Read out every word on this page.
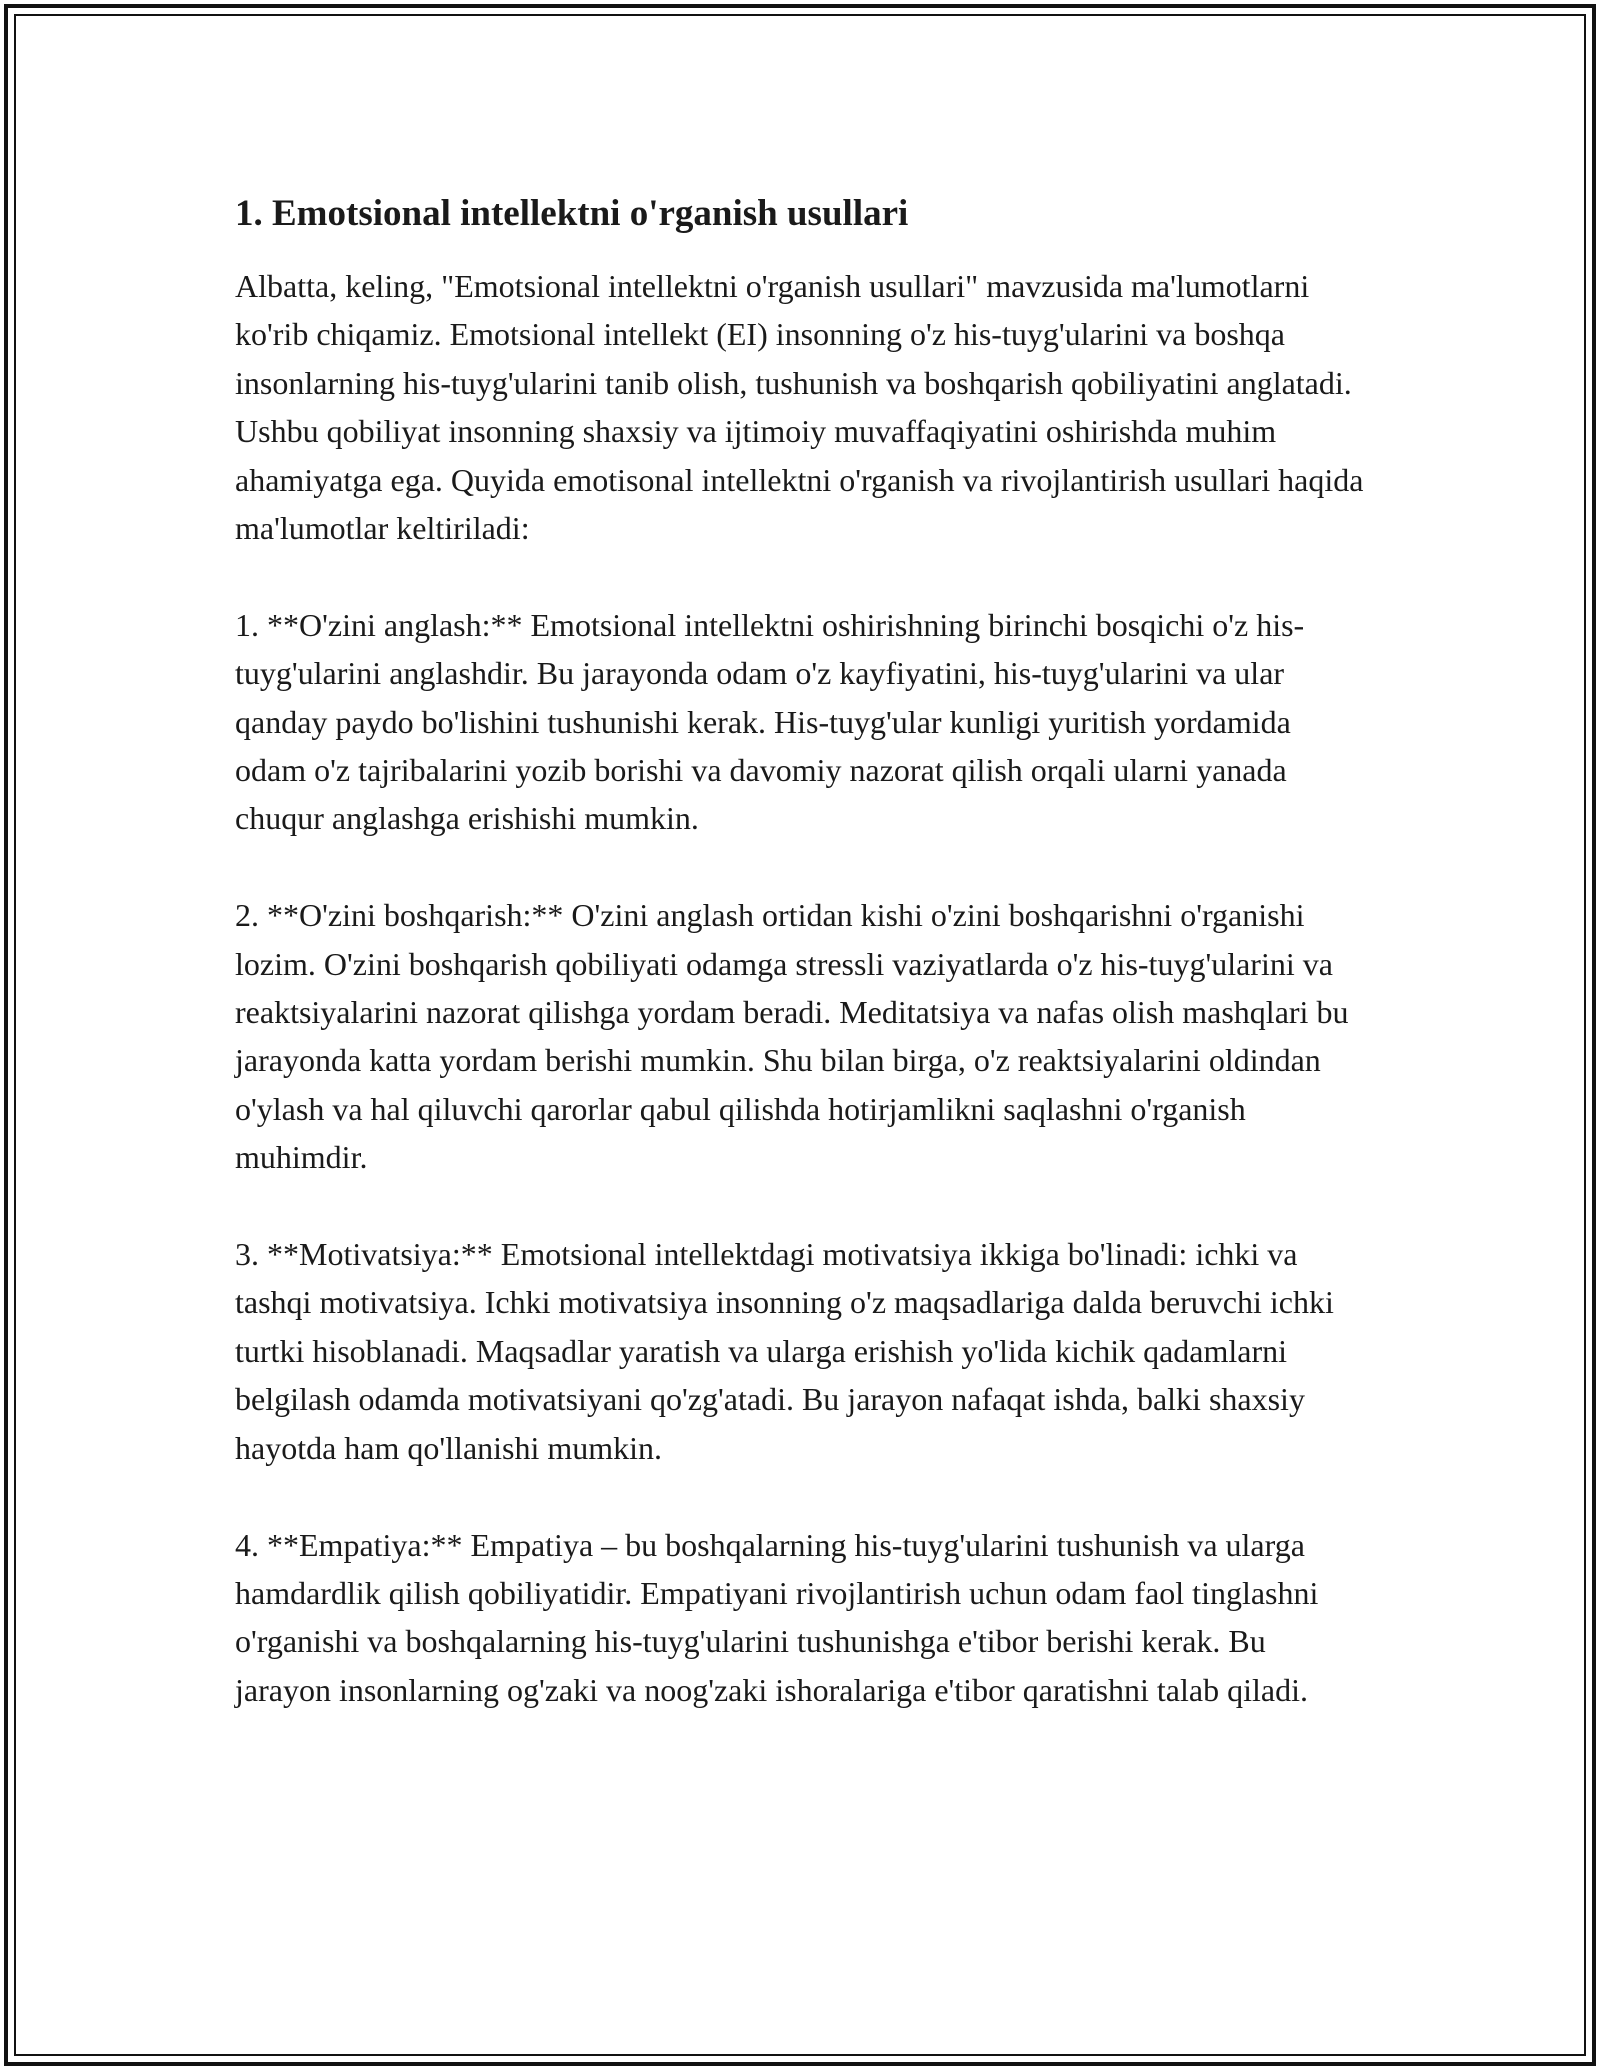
1. Emotsional intellektni o'rganish usullari

Albatta, keling, "Emotsional intellektni o'rganish usullari" mavzusida ma'lumotlarni ko'rib chiqamiz. Emotsional intellekt (EI) insonning o'z his-tuyg'ularini va boshqa insonlarning his-tuyg'ularini tanib olish, tushunish va boshqarish qobiliyatini anglatadi. Ushbu qobiliyat insonning shaxsiy va ijtimoiy muvaffaqiyatini oshirishda muhim ahamiyatga ega. Quyida emotisonal intellektni o'rganish va rivojlantirish usullari haqida ma'lumotlar keltiriladi:

1. **O'zini anglash:** Emotsional intellektni oshirishning birinchi bosqichi o'z his-tuyg'ularini anglashdir. Bu jarayonda odam o'z kayfiyatini, his-tuyg'ularini va ular qanday paydo bo'lishini tushunishi kerak. His-tuyg'ular kunligi yuritish yordamida odam o'z tajribalarini yozib borishi va davomiy nazorat qilish orqali ularni yanada chuqur anglashga erishishi mumkin.

2. **O'zini boshqarish:** O'zini anglash ortidan kishi o'zini boshqarishni o'rganishi lozim. O'zini boshqarish qobiliyati odamga stressli vaziyatlarda o'z his-tuyg'ularini va reaktsiyalarini nazorat qilishga yordam beradi. Meditatsiya va nafas olish mashqlari bu jarayonda katta yordam berishi mumkin. Shu bilan birga, o'z reaktsiyalarini oldindan o'ylash va hal qiluvchi qarorlar qabul qilishda hotirjamlikni saqlashni o'rganish muhimdir.

3. **Motivatsiya:** Emotsional intellektdagi motivatsiya ikkiga bo'linadi: ichki va tashqi motivatsiya. Ichki motivatsiya insonning o'z maqsadlariga dalda beruvchi ichki turtki hisoblanadi. Maqsadlar yaratish va ularga erishish yo'lida kichik qadamlarni belgilash odamda motivatsiyani qo'zg'atadi. Bu jarayon nafaqat ishda, balki shaxsiy hayotda ham qo'llanishi mumkin.

4. **Empatiya:** Empatiya – bu boshqalarning his-tuyg'ularini tushunish va ularga hamdardlik qilish qobiliyatidir. Empatiyani rivojlantirish uchun odam faol tinglashni o'rganishi va boshqalarning his-tuyg'ularini tushunishga e'tibor berishi kerak. Bu jarayon insonlarning og'zaki va noog'zaki ishoralariga e'tibor qaratishni talab qiladi.
